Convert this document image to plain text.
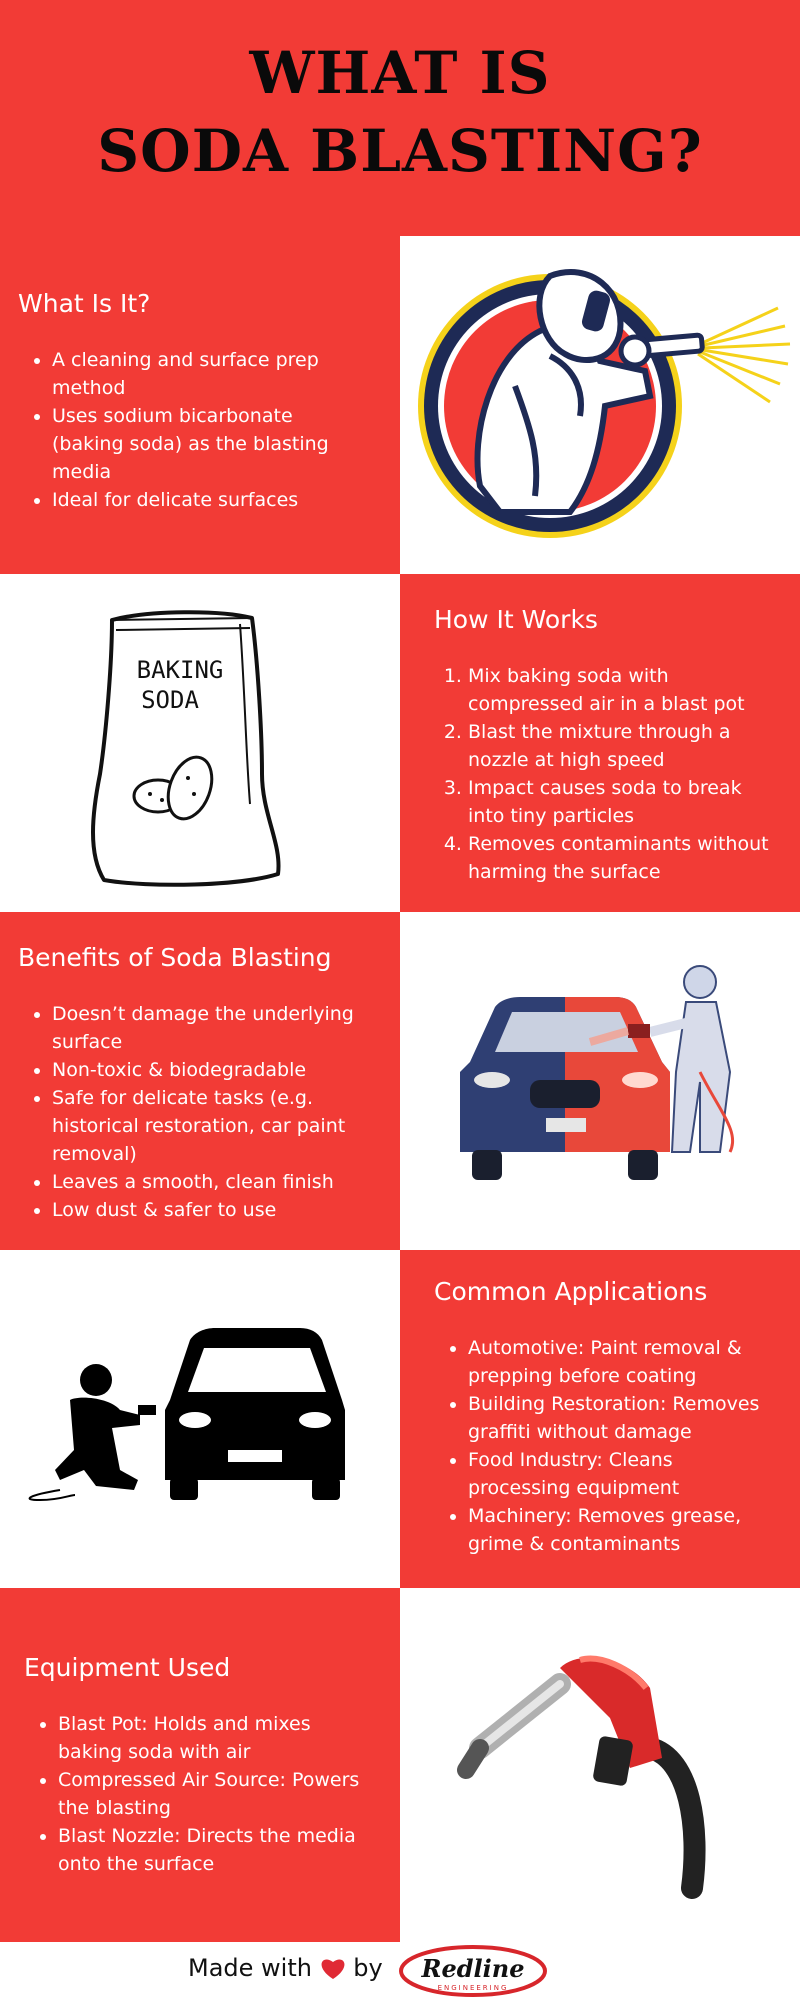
WHAT IS
SODA BLASTING?
What Is It?
• A cleaning and surface prep method
• Uses sodium bicarbonate (baking soda) as the blasting media
• Ideal for delicate surfaces
BAKING
SODA
How It Works
1. Mix baking soda with compressed air in a blast pot
2. Blast the mixture through a nozzle at high speed
3. Impact causes soda to break into tiny particles
4. Removes contaminants without harming the surface
Benefits of Soda Blasting
• Doesn’t damage the underlying surface
• Non-toxic & biodegradable
• Safe for delicate tasks (e.g. historical restoration, car paint removal)
• Leaves a smooth, clean finish
• Low dust & safer to use
Common Applications
• Automotive: Paint removal & prepping before coating
• Building Restoration: Removes graffiti without damage
• Food Industry: Cleans processing equipment
• Machinery: Removes grease, grime & contaminants
Equipment Used
• Blast Pot: Holds and mixes baking soda with air
• Compressed Air Source: Powers the blasting
• Blast Nozzle: Directs the media onto the surface
Made with by Redline
ENGINEERING
